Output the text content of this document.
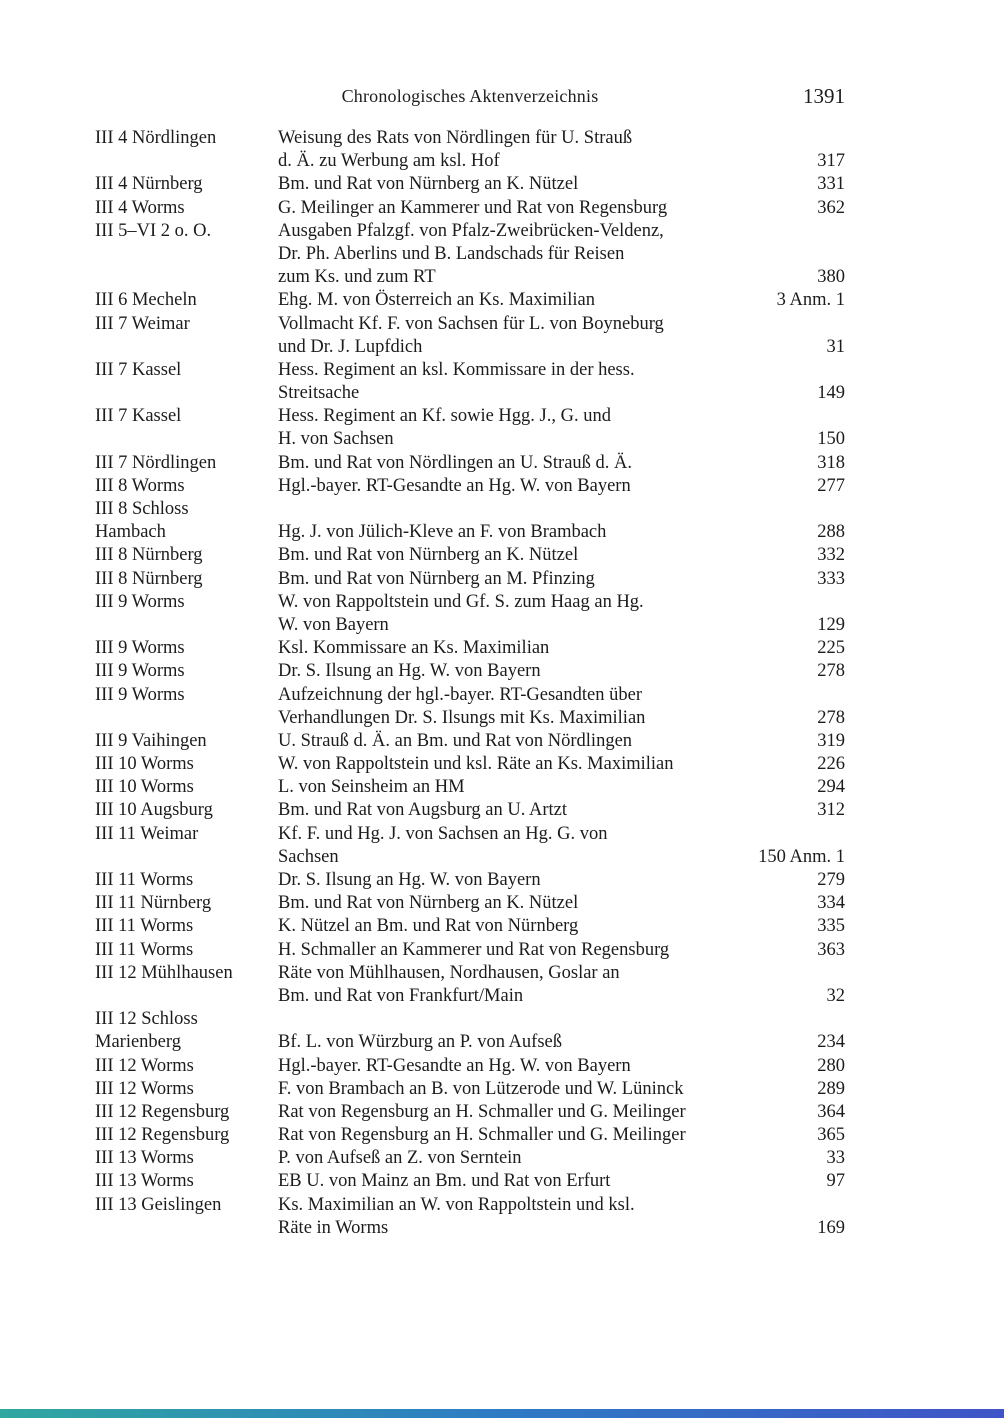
Chronologisches Aktenverzeichnis	1391
III 4 Nördlingen	Weisung des Rats von Nördlingen für U. Strauß
d. Ä. zu Werbung am ksl. Hof	317
III 4 Nürnberg	Bm. und Rat von Nürnberg an K. Nützel	331
III 4 Worms	G. Meilinger an Kammerer und Rat von Regensburg	362
III 5–VI 2 o. O.	Ausgaben Pfalzgf. von Pfalz-Zweibrücken-Veldenz,
Dr. Ph. Aberlins und B. Landschads für Reisen
zum Ks. und zum RT	380
III 6 Mecheln	Ehg. M. von Österreich an Ks. Maximilian	3 Anm. 1
III 7 Weimar	Vollmacht Kf. F. von Sachsen für L. von Boyneburg
und Dr. J. Lupfdich	31
III 7 Kassel	Hess. Regiment an ksl. Kommissare in der hess.
Streitsache	149
III 7 Kassel	Hess. Regiment an Kf. sowie Hgg. J., G. und
H. von Sachsen	150
III 7 Nördlingen	Bm. und Rat von Nördlingen an U. Strauß d. Ä.	318
III 8 Worms	Hgl.-bayer. RT-Gesandte an Hg. W. von Bayern	277
III 8 Schloss
Hambach	Hg. J. von Jülich-Kleve an F. von Brambach	288
III 8 Nürnberg	Bm. und Rat von Nürnberg an K. Nützel	332
III 8 Nürnberg	Bm. und Rat von Nürnberg an M. Pfinzing	333
III 9 Worms	W. von Rappoltstein und Gf. S. zum Haag an Hg.
W. von Bayern	129
III 9 Worms	Ksl. Kommissare an Ks. Maximilian	225
III 9 Worms	Dr. S. Ilsung an Hg. W. von Bayern	278
III 9 Worms	Aufzeichnung der hgl.-bayer. RT-Gesandten über
Verhandlungen Dr. S. Ilsungs mit Ks. Maximilian	278
III 9 Vaihingen	U. Strauß d. Ä. an Bm. und Rat von Nördlingen	319
III 10 Worms	W. von Rappoltstein und ksl. Räte an Ks. Maximilian	226
III 10 Worms	L. von Seinsheim an HM	294
III 10 Augsburg	Bm. und Rat von Augsburg an U. Artzt	312
III 11 Weimar	Kf. F. und Hg. J. von Sachsen an Hg. G. von
Sachsen	150 Anm. 1
III 11 Worms	Dr. S. Ilsung an Hg. W. von Bayern	279
III 11 Nürnberg	Bm. und Rat von Nürnberg an K. Nützel	334
III 11 Worms	K. Nützel an Bm. und Rat von Nürnberg	335
III 11 Worms	H. Schmaller an Kammerer und Rat von Regensburg	363
III 12 Mühlhausen	Räte von Mühlhausen, Nordhausen, Goslar an
Bm. und Rat von Frankfurt/Main	32
III 12 Schloss
Marienberg	Bf. L. von Würzburg an P. von Aufseß	234
III 12 Worms	Hgl.-bayer. RT-Gesandte an Hg. W. von Bayern	280
III 12 Worms	F. von Brambach an B. von Lützerode und W. Lüninck	289
III 12 Regensburg	Rat von Regensburg an H. Schmaller und G. Meilinger	364
III 12 Regensburg	Rat von Regensburg an H. Schmaller und G. Meilinger	365
III 13 Worms	P. von Aufseß an Z. von Serntein	33
III 13 Worms	EB U. von Mainz an Bm. und Rat von Erfurt	97
III 13 Geislingen	Ks. Maximilian an W. von Rappoltstein und ksl.
Räte in Worms	169
